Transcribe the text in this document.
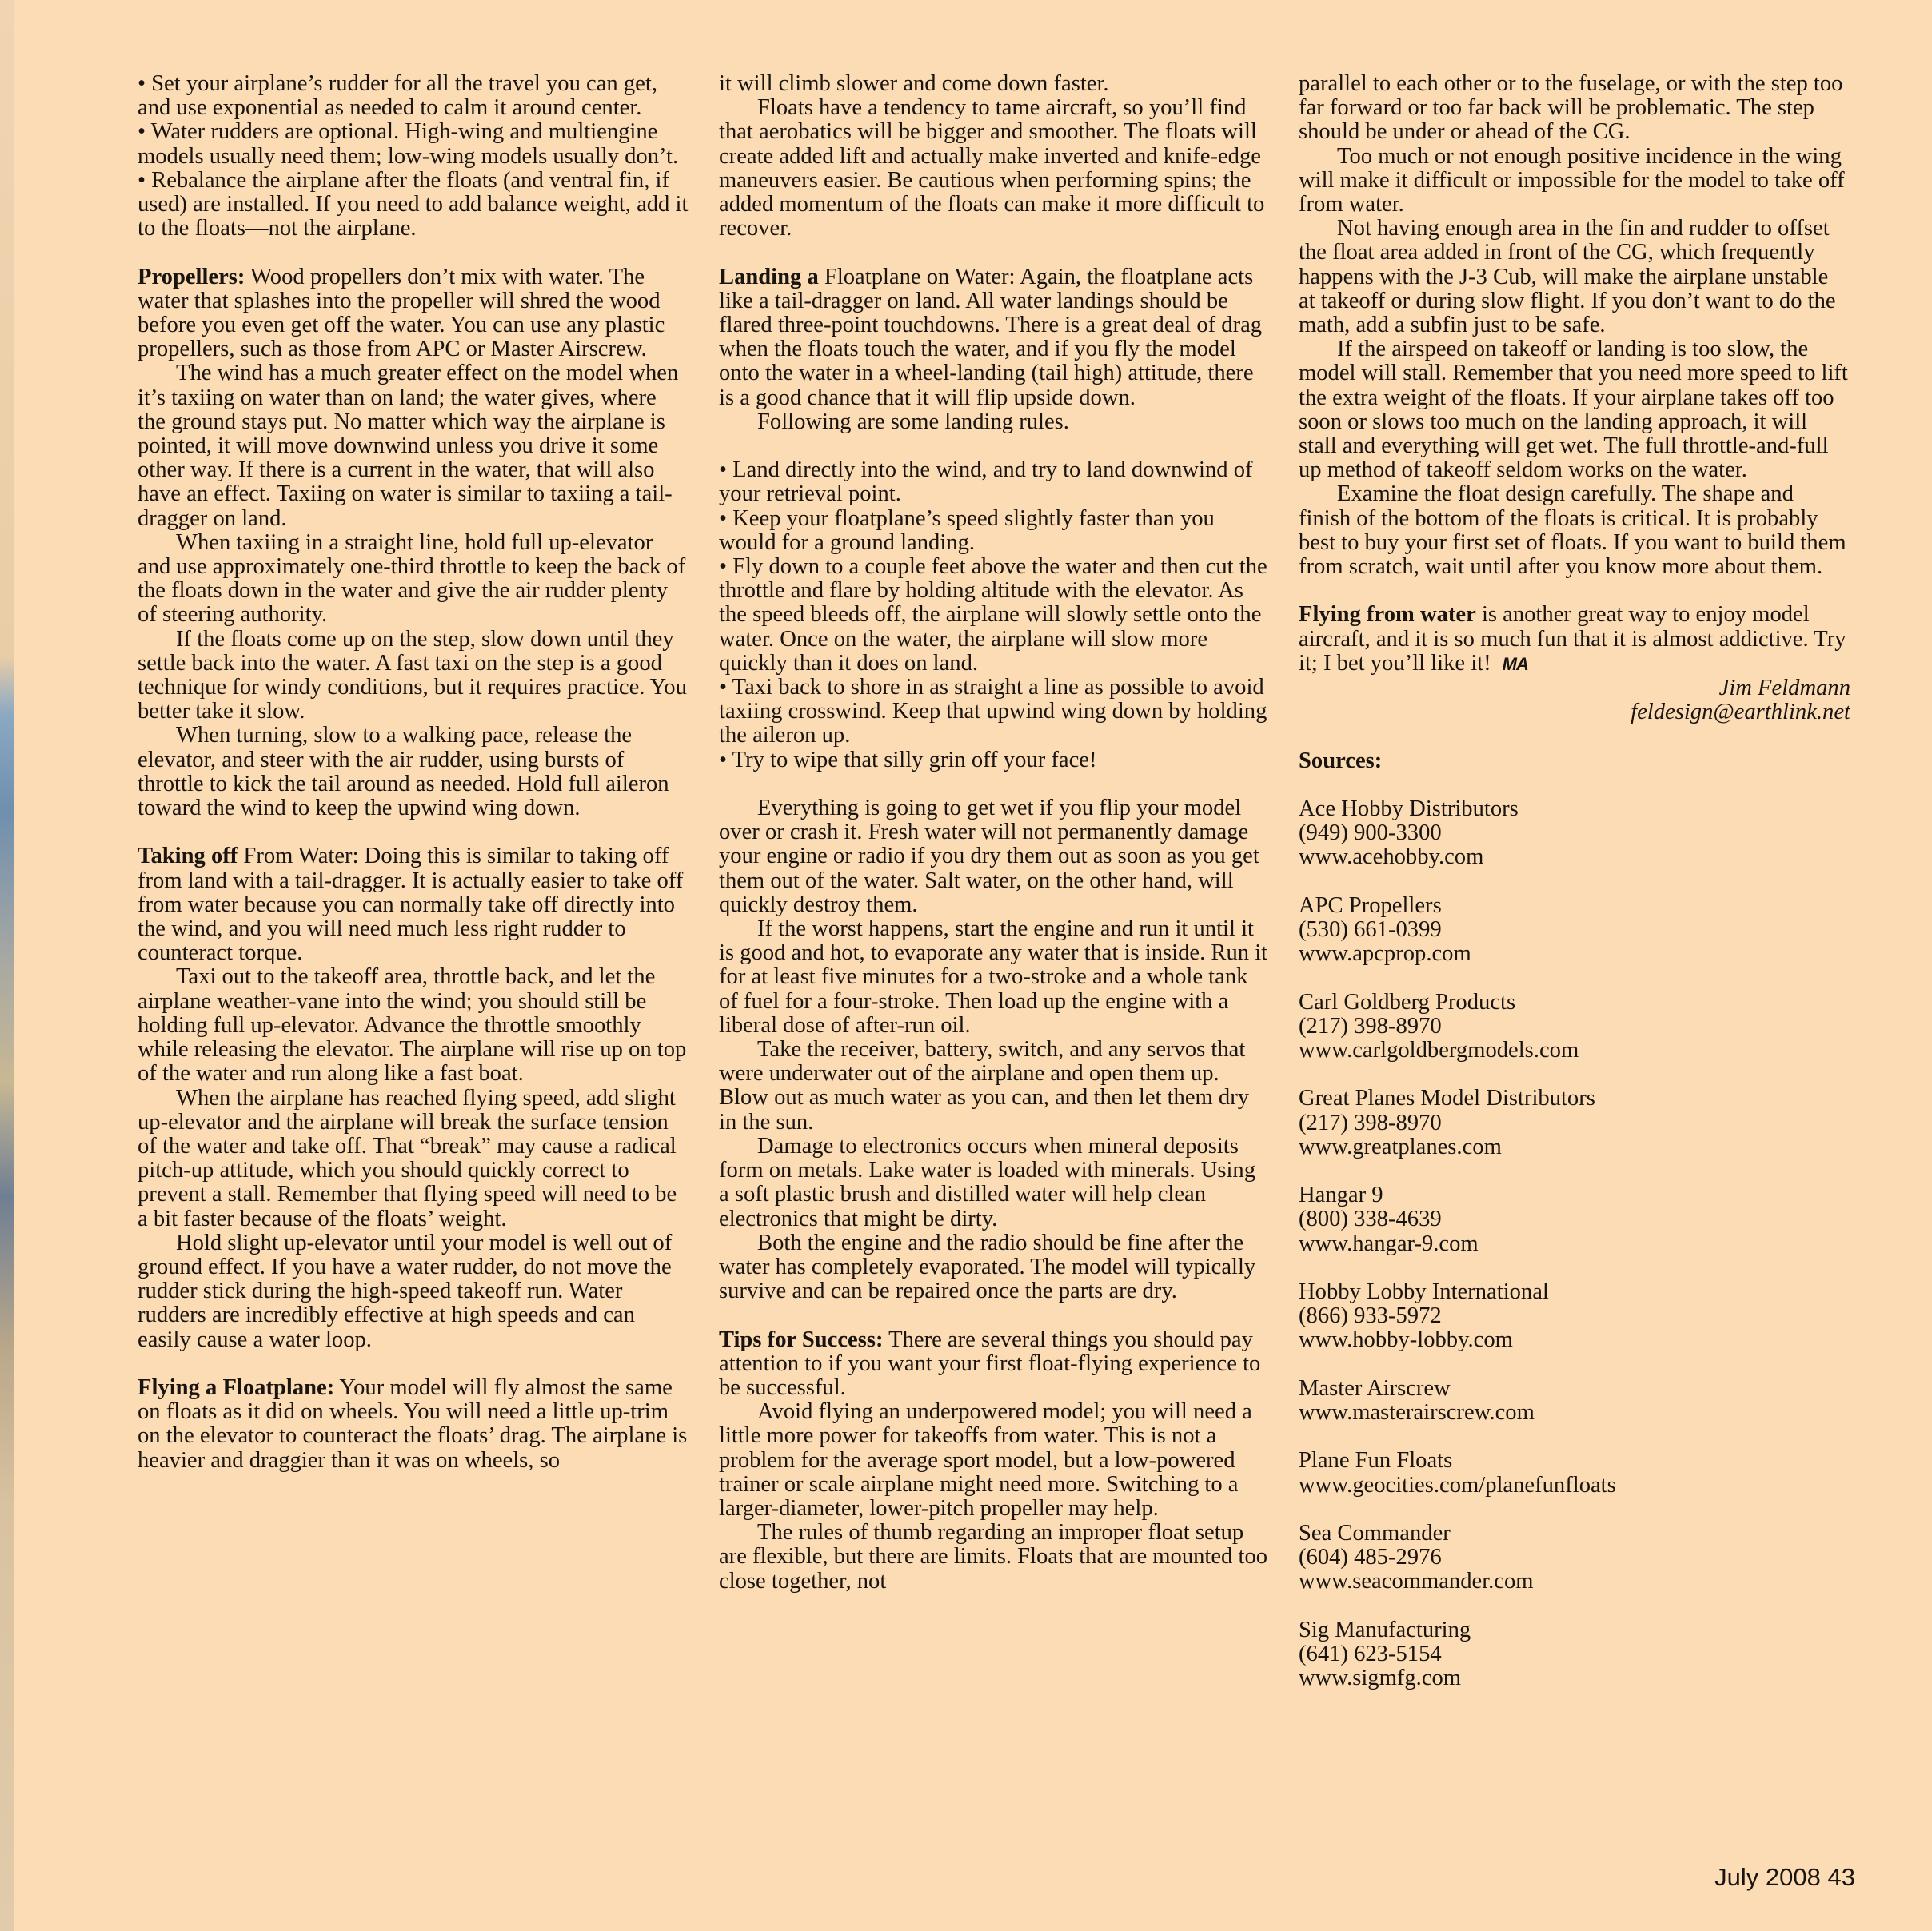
• Set your airplane’s rudder for all the travel you can get, and use exponential as needed to calm it around center.

• Water rudders are optional. High-wing and multiengine models usually need them; low-wing models usually don’t.

• Rebalance the airplane after the floats (and ventral fin, if used) are installed. If you need to add balance weight, add it to the floats—not the airplane.

Propellers: Wood propellers don’t mix with water. The water that splashes into the propeller will shred the wood before you even get off the water. You can use any plastic propellers, such as those from APC or Master Airscrew.

The wind has a much greater effect on the model when it’s taxiing on water than on land; the water gives, where the ground stays put. No matter which way the airplane is pointed, it will move downwind unless you drive it some other way. If there is a current in the water, that will also have an effect. Taxiing on water is similar to taxiing a tail-dragger on land.

When taxiing in a straight line, hold full up-elevator and use approximately one-third throttle to keep the back of the floats down in the water and give the air rudder plenty of steering authority.

If the floats come up on the step, slow down until they settle back into the water. A fast taxi on the step is a good technique for windy conditions, but it requires practice. You better take it slow.

When turning, slow to a walking pace, release the elevator, and steer with the air rudder, using bursts of throttle to kick the tail around as needed. Hold full aileron toward the wind to keep the upwind wing down.

Taking off From Water: Doing this is similar to taking off from land with a tail-dragger. It is actually easier to take off from water because you can normally take off directly into the wind, and you will need much less right rudder to counteract torque.

Taxi out to the takeoff area, throttle back, and let the airplane weather-vane into the wind; you should still be holding full up-elevator. Advance the throttle smoothly while releasing the elevator. The airplane will rise up on top of the water and run along like a fast boat.

When the airplane has reached flying speed, add slight up-elevator and the airplane will break the surface tension of the water and take off. That “break” may cause a radical pitch-up attitude, which you should quickly correct to prevent a stall. Remember that flying speed will need to be a bit faster because of the floats’ weight.

Hold slight up-elevator until your model is well out of ground effect. If you have a water rudder, do not move the rudder stick during the high-speed takeoff run. Water rudders are incredibly effective at high speeds and can easily cause a water loop.

Flying a Floatplane: Your model will fly almost the same on floats as it did on wheels. You will need a little up-trim on the elevator to counteract the floats’ drag. The airplane is heavier and draggier than it was on wheels, so

it will climb slower and come down faster.

Floats have a tendency to tame aircraft, so you’ll find that aerobatics will be bigger and smoother. The floats will create added lift and actually make inverted and knife-edge maneuvers easier. Be cautious when performing spins; the added momentum of the floats can make it more difficult to recover.

Landing a Floatplane on Water: Again, the floatplane acts like a tail-dragger on land. All water landings should be flared three-point touchdowns. There is a great deal of drag when the floats touch the water, and if you fly the model onto the water in a wheel-landing (tail high) attitude, there is a good chance that it will flip upside down.

Following are some landing rules.

• Land directly into the wind, and try to land downwind of your retrieval point.

• Keep your floatplane’s speed slightly faster than you would for a ground landing.

• Fly down to a couple feet above the water and then cut the throttle and flare by holding altitude with the elevator. As the speed bleeds off, the airplane will slowly settle onto the water. Once on the water, the airplane will slow more quickly than it does on land.

• Taxi back to shore in as straight a line as possible to avoid taxiing crosswind. Keep that upwind wing down by holding the aileron up.

• Try to wipe that silly grin off your face!

Everything is going to get wet if you flip your model over or crash it. Fresh water will not permanently damage your engine or radio if you dry them out as soon as you get them out of the water. Salt water, on the other hand, will quickly destroy them.

If the worst happens, start the engine and run it until it is good and hot, to evaporate any water that is inside. Run it for at least five minutes for a two-stroke and a whole tank of fuel for a four-stroke. Then load up the engine with a liberal dose of after-run oil.

Take the receiver, battery, switch, and any servos that were underwater out of the airplane and open them up. Blow out as much water as you can, and then let them dry in the sun.

Damage to electronics occurs when mineral deposits form on metals. Lake water is loaded with minerals. Using a soft plastic brush and distilled water will help clean electronics that might be dirty.

Both the engine and the radio should be fine after the water has completely evaporated. The model will typically survive and can be repaired once the parts are dry.

Tips for Success: There are several things you should pay attention to if you want your first float-flying experience to be successful.

Avoid flying an underpowered model; you will need a little more power for takeoffs from water. This is not a problem for the average sport model, but a low-powered trainer or scale airplane might need more. Switching to a larger-diameter, lower-pitch propeller may help.

The rules of thumb regarding an improper float setup are flexible, but there are limits. Floats that are mounted too close together, not

parallel to each other or to the fuselage, or with the step too far forward or too far back will be problematic. The step should be under or ahead of the CG.

Too much or not enough positive incidence in the wing will make it difficult or impossible for the model to take off from water.

Not having enough area in the fin and rudder to offset the float area added in front of the CG, which frequently happens with the J-3 Cub, will make the airplane unstable at takeoff or during slow flight. If you don’t want to do the math, add a subfin just to be safe.

If the airspeed on takeoff or landing is too slow, the model will stall. Remember that you need more speed to lift the extra weight of the floats. If your airplane takes off too soon or slows too much on the landing approach, it will stall and everything will get wet. The full throttle-and-full up method of takeoff seldom works on the water.

Examine the float design carefully. The shape and finish of the bottom of the floats is critical. It is probably best to buy your first set of floats. If you want to build them from scratch, wait until after you know more about them.

Flying from water is another great way to enjoy model aircraft, and it is so much fun that it is almost addictive. Try it; I bet you’ll like it! MA

Jim Feldmann

feldesign@earthlink.net

Sources:

Ace Hobby Distributors

(949) 900-3300

www.acehobby.com

APC Propellers

(530) 661-0399

www.apcprop.com

Carl Goldberg Products

(217) 398-8970

www.carlgoldbergmodels.com

Great Planes Model Distributors

(217) 398-8970

www.greatplanes.com

Hangar 9

(800) 338-4639

www.hangar-9.com

Hobby Lobby International

(866) 933-5972

www.hobby-lobby.com

Master Airscrew

www.masterairscrew.com

Plane Fun Floats

www.geocities.com/planefunfloats

Sea Commander

(604) 485-2976

www.seacommander.com

Sig Manufacturing

(641) 623-5154

www.sigmfg.com

July 2008 43
